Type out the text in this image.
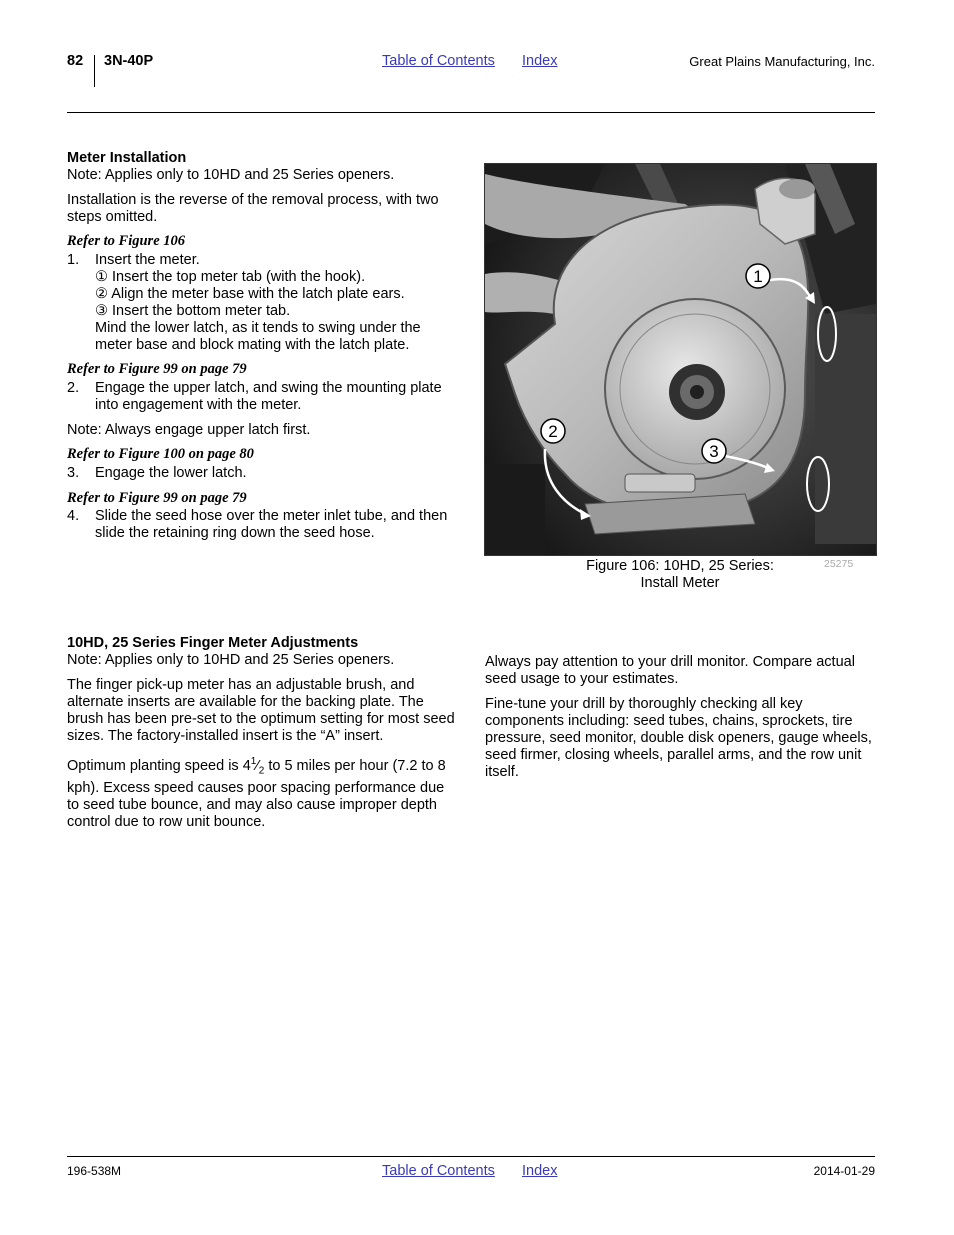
82 3N-40P	Table of Contents Index	Great Plains Manufacturing, Inc.
Meter Installation

Note: Applies only to 10HD and 25 Series openers.

Installation is the reverse of the removal process, with two steps omitted.

Refer to Figure 106

1.	Insert the meter.
① Insert the top meter tab (with the hook).
② Align the meter base with the latch plate ears.
③ Insert the bottom meter tab.
Mind the lower latch, as it tends to swing under the meter base and block mating with the latch plate.

Refer to Figure 99 on page 79

2.	Engage the upper latch, and swing the mounting plate into engagement with the meter.

Note: Always engage upper latch first.

Refer to Figure 100 on page 80

3.	Engage the lower latch.

Refer to Figure 99 on page 79

4.	Slide the seed hose over the meter inlet tube, and then slide the retaining ring down the seed hose.
1
2
3
Figure 106: 10HD, 25 Series:
Install Meter
25275
10HD, 25 Series Finger Meter Adjustments

Note: Applies only to 10HD and 25 Series openers.

The finger pick-up meter has an adjustable brush, and alternate inserts are available for the backing plate. The brush has been pre-set to the optimum setting for most seed sizes. The factory-installed insert is the “A” insert.

Optimum planting speed is $4^1⁄_2$ to 5 miles per hour (7.2 to 8 kph). Excess speed causes poor spacing performance due to seed tube bounce, and may also cause improper depth control due to row unit bounce.

Always pay attention to your drill monitor. Compare actual seed usage to your estimates.

Fine-tune your drill by thoroughly checking all key components including: seed tubes, chains, sprockets, tire pressure, seed monitor, double disk openers, gauge wheels, seed firmer, closing wheels, parallel arms, and the row unit itself.

196-538M	Table of Contents Index	2014-01-29
